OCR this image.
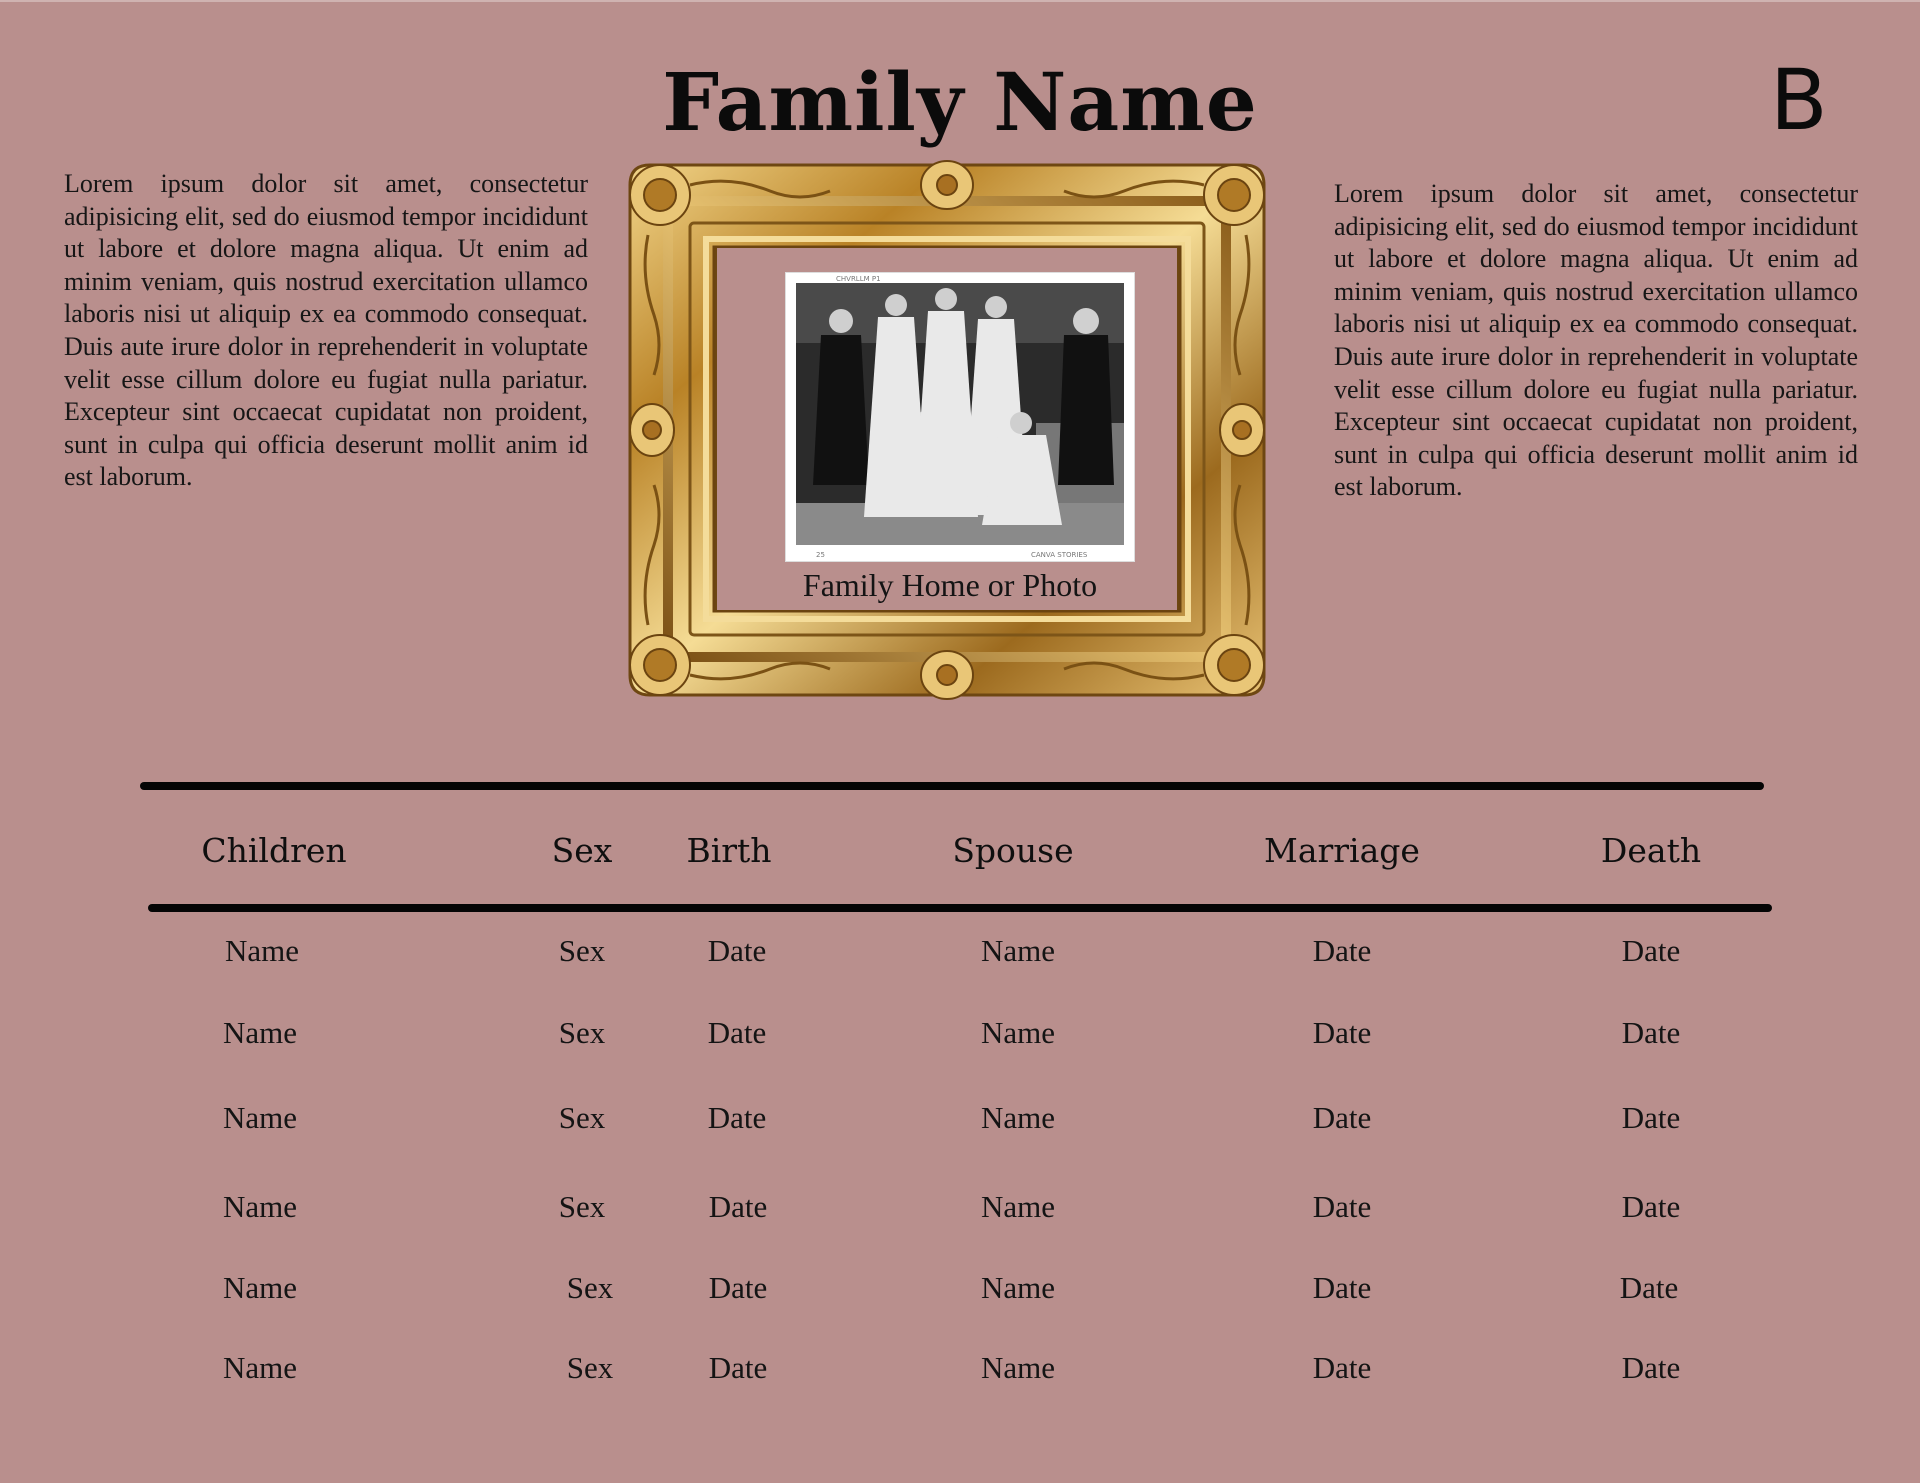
Family Name	B
Lorem ipsum dolor sit amet, consectetur adipisicing elit, sed do eiusmod tempor incididunt ut labore et dolore magna aliqua. Ut enim ad minim veniam, quis nostrud exercitation ullamco laboris nisi ut aliquip ex ea commodo consequat. Duis aute irure dolor in reprehenderit in voluptate velit esse cillum dolore eu fugiat nulla pariatur. Excepteur sint occaecat cupidatat non proident, sunt in culpa qui officia deserunt mollit anim id est laborum.
Lorem ipsum dolor sit amet, consectetur adipisicing elit, sed do eiusmod tempor incididunt ut labore et dolore magna aliqua. Ut enim ad minim veniam, quis nostrud exercitation ullamco laboris nisi ut aliquip ex ea commodo consequat. Duis aute irure dolor in reprehenderit in voluptate velit esse cillum dolore eu fugiat nulla pariatur. Excepteur sint occaecat cupidatat non proident, sunt in culpa qui officia deserunt mollit anim id est laborum.
CHVRLLM P1
25	CANVA STORIES
Family Home or Photo
Children	Sex	Birth	Spouse	Marriage	Death
Name	Sex	Date	Name	Date	Date
Name	Sex	Date	Name	Date	Date
Name	Sex	Date	Name	Date	Date
Name	Sex	Date	Name	Date	Date
Name	Sex	Date	Name	Date	Date
Name	Sex	Date	Name	Date	Date
